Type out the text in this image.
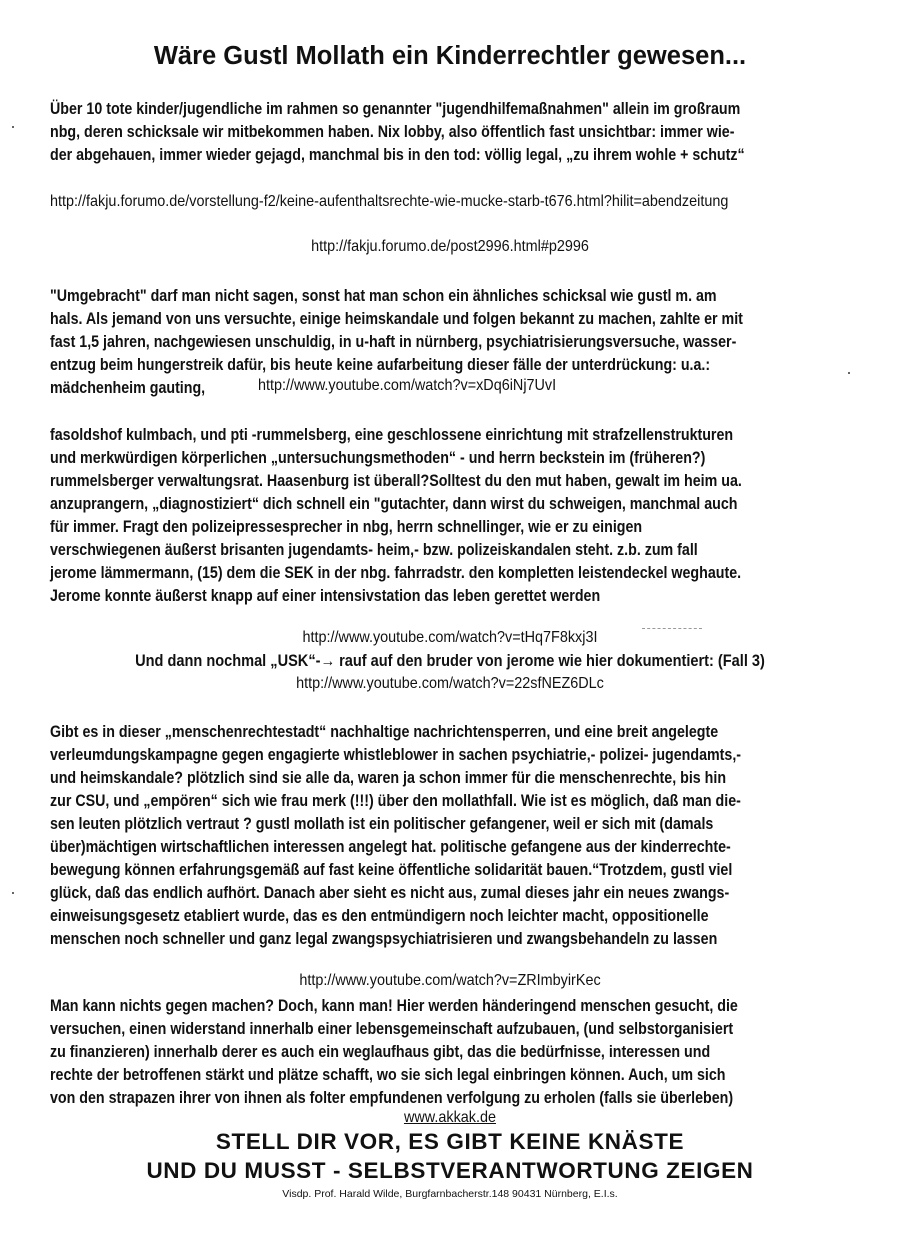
Wäre Gustl Mollath ein Kinderrechtler gewesen...
Über 10 tote kinder/jugendliche im rahmen so genannter "jugendhilfemaßnahmen" allein im großraum
nbg, deren schicksale wir mitbekommen haben. Nix lobby, also öffentlich fast unsichtbar: immer wie-
der abgehauen, immer wieder gejagd, manchmal bis in den tod: völlig legal, „zu ihrem wohle + schutz“
http://fakju.forumo.de/vorstellung-f2/keine-aufenthaltsrechte-wie-mucke-starb-t676.html?hilit=abendzeitung
http://fakju.forumo.de/post2996.html#p2996
"Umgebracht" darf man nicht sagen, sonst hat man schon ein ähnliches schicksal wie gustl m. am
hals. Als jemand von uns versuchte, einige heimskandale und folgen bekannt zu machen, zahlte er mit
fast 1,5 jahren, nachgewiesen unschuldig, in u-haft in nürnberg, psychiatrisierungsversuche, wasser-
entzug beim hungerstreik dafür, bis heute keine aufarbeitung dieser fälle der unterdrückung: u.a.:
mädchenheim gauting,	http://www.youtube.com/watch?v=xDq6iNj7UvI
fasoldshof kulmbach, und pti -rummelsberg, eine geschlossene einrichtung mit strafzellenstrukturen
und merkwürdigen körperlichen „untersuchungsmethoden“ - und herrn beckstein im (früheren?)
rummelsberger verwaltungsrat. Haasenburg ist überall?Solltest du den mut haben, gewalt im heim ua.
anzuprangern, „diagnostiziert“ dich schnell ein "gutachter, dann wirst du schweigen, manchmal auch
für immer. Fragt den polizeipressesprecher in nbg, herrn schnellinger, wie er zu einigen
verschwiegenen äußerst brisanten jugendamts- heim,- bzw. polizeiskandalen steht. z.b. zum fall
jerome lämmermann, (15) dem die SEK in der nbg. fahrradstr. den kompletten leistendeckel weghaute.
Jerome konnte äußerst knapp auf einer intensivstation das leben gerettet werden
http://www.youtube.com/watch?v=tHq7F8kxj3I
Und dann nochmal „USK“-→ rauf auf den bruder von jerome wie hier dokumentiert: (Fall 3)
http://www.youtube.com/watch?v=22sfNEZ6DLc
Gibt es in dieser „menschenrechtestadt“ nachhaltige nachrichtensperren, und eine breit angelegte
verleumdungskampagne gegen engagierte whistleblower in sachen psychiatrie,- polizei- jugendamts,-
und heimskandale? plötzlich sind sie alle da, waren ja schon immer für die menschenrechte, bis hin
zur CSU, und „empören“ sich wie frau merk (!!!) über den mollathfall. Wie ist es möglich, daß man die-
sen leuten plötzlich vertraut ? gustl mollath ist ein politischer gefangener, weil er sich mit (damals
über)mächtigen wirtschaftlichen interessen angelegt hat. politische gefangene aus der kinderrechte-
bewegung können erfahrungsgemäß auf fast keine öffentliche solidarität bauen.“Trotzdem, gustl viel
glück, daß das endlich aufhört. Danach aber sieht es nicht aus, zumal dieses jahr ein neues zwangs-
einweisungsgesetz etabliert wurde, das es den entmündigern noch leichter macht, oppositionelle
menschen noch schneller und ganz legal zwangspsychiatrisieren und zwangsbehandeln zu lassen
http://www.youtube.com/watch?v=ZRImbyirKec
Man kann nichts gegen machen? Doch, kann man! Hier werden händeringend menschen gesucht, die
versuchen, einen widerstand innerhalb einer lebensgemeinschaft aufzubauen, (und selbstorganisiert
zu finanzieren) innerhalb derer es auch ein weglaufhaus gibt, das die bedürfnisse, interessen und
rechte der betroffenen stärkt und plätze schafft, wo sie sich legal einbringen können. Auch, um sich
von den strapazen ihrer von ihnen als folter empfundenen verfolgung zu erholen (falls sie überleben)
www.akkak.de
STELL DIR VOR, ES GIBT KEINE KNÄSTE
UND DU MUSST - SELBSTVERANTWORTUNG ZEIGEN
Visdp. Prof. Harald Wilde, Burgfarnbacherstr.148 90431 Nürnberg, E.I.s.
